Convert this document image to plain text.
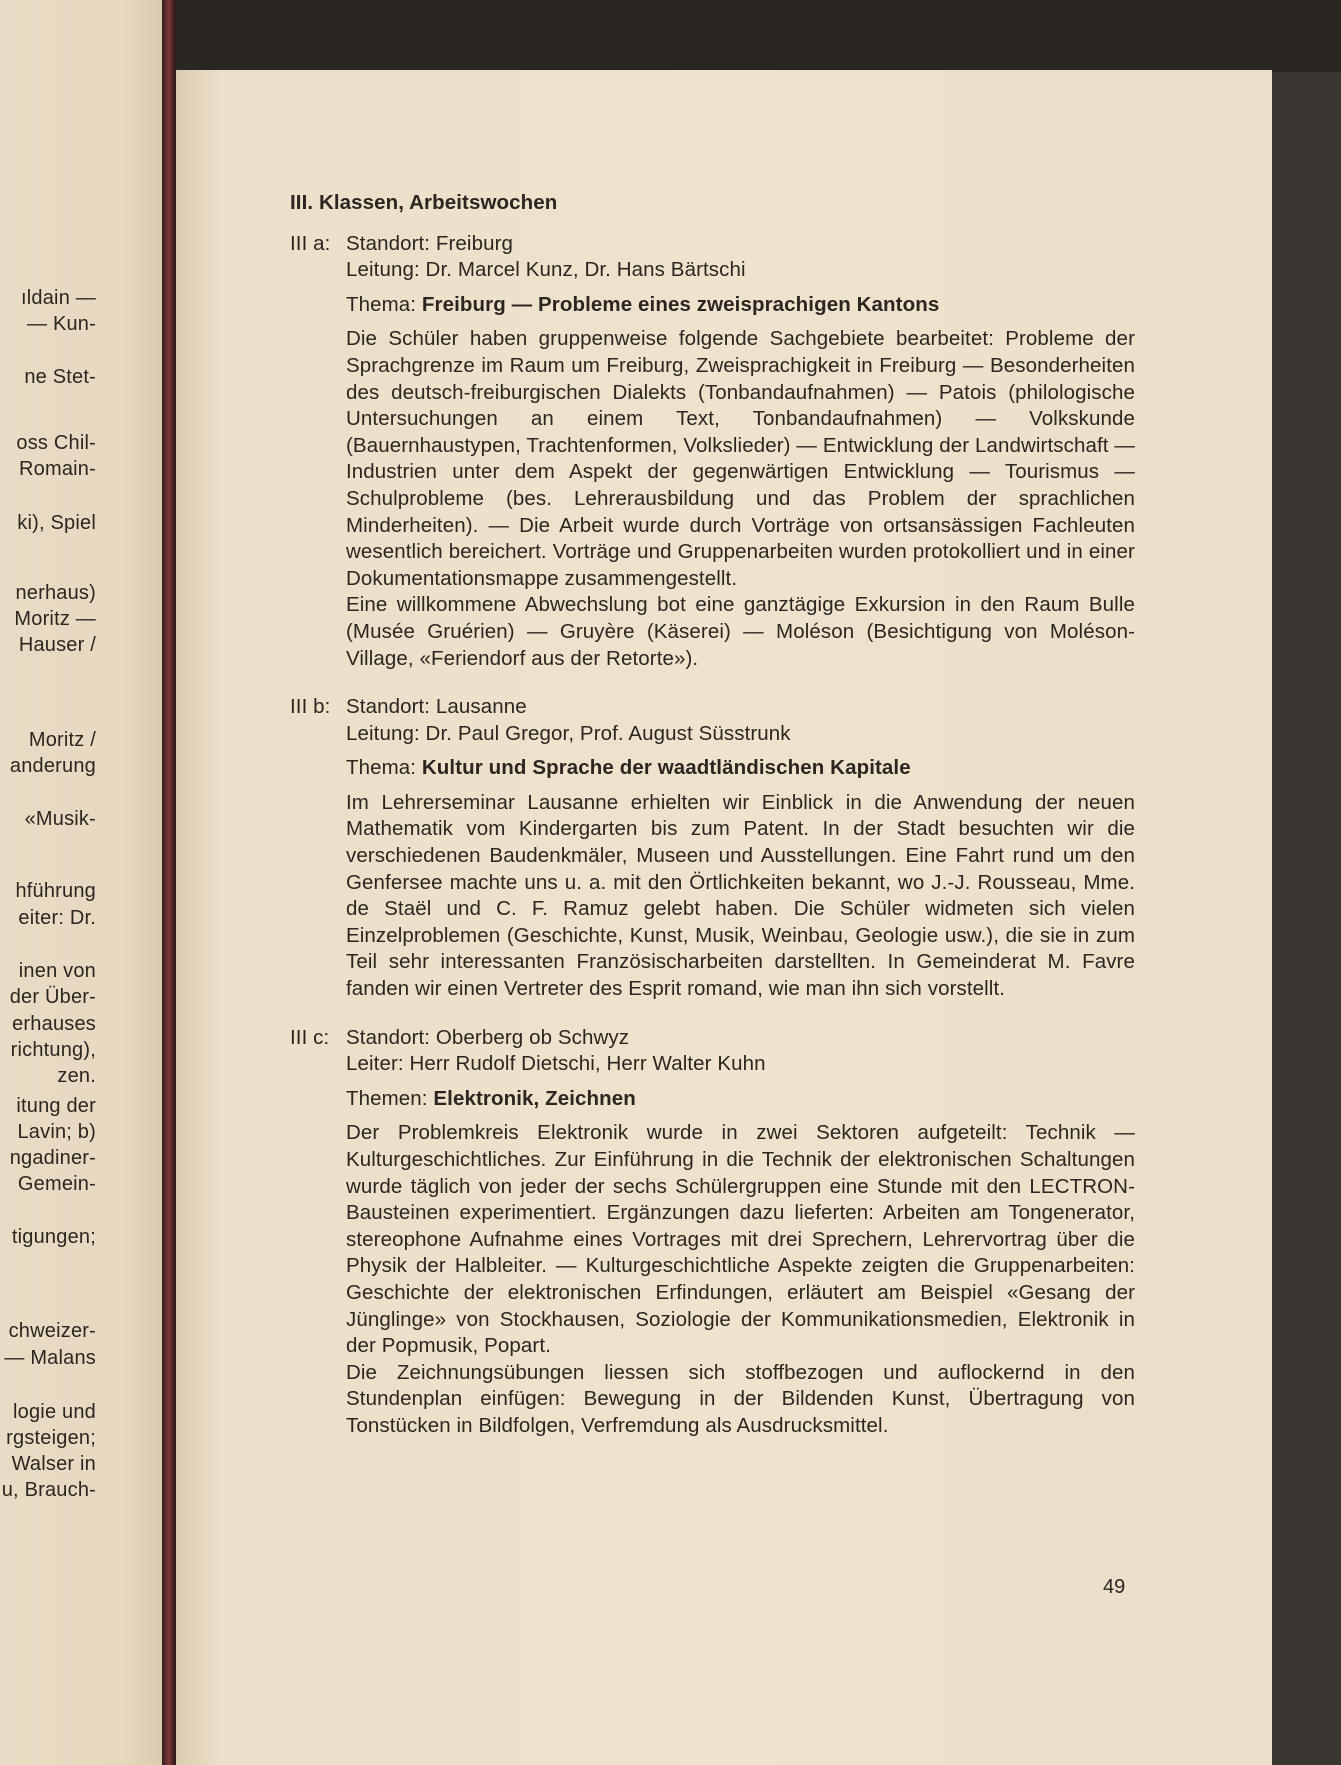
ıldain —
— Kun-
ne Stet-
oss Chil-
Romain-
ki), Spiel
nerhaus)
Moritz —
Hauser /
Moritz /
anderung
«Musik-
hführung
eiter: Dr.
inen von
der Über-
erhauses
richtung),
zen.
itung der
Lavin; b)
ngadiner-
Gemein-
tigungen;
chweizer-
— Malans
logie und
rgsteigen;
Walser in
u, Brauch-
III. Klassen, Arbeitswochen
III a: Standort: Freiburg
Leitung: Dr. Marcel Kunz, Dr. Hans Bärtschi
Thema: Freiburg — Probleme eines zweisprachigen Kantons
Die Schüler haben gruppenweise folgende Sachgebiete bearbeitet: Probleme der Sprachgrenze im Raum um Freiburg, Zweisprachigkeit in Freiburg — Besonderheiten des deutsch-freiburgischen Dialekts (Tonbandaufnahmen) — Patois (philologische Untersuchungen an einem Text, Tonbandaufnahmen) — Volkskunde (Bauernhaustypen, Trachtenformen, Volkslieder) — Entwicklung der Landwirtschaft — Industrien unter dem Aspekt der gegenwärtigen Entwicklung — Tourismus — Schulprobleme (bes. Lehrerausbildung und das Problem der sprachlichen Minderheiten). — Die Arbeit wurde durch Vorträge von ortsansässigen Fachleuten wesentlich bereichert. Vorträge und Gruppenarbeiten wurden protokolliert und in einer Dokumentationsmappe zusammengestellt.
Eine willkommene Abwechslung bot eine ganztägige Exkursion in den Raum Bulle (Musée Gruérien) — Gruyère (Käserei) — Moléson (Besichtigung von Moléson-Village, «Feriendorf aus der Retorte»).
III b: Standort: Lausanne
Leitung: Dr. Paul Gregor, Prof. August Süsstrunk
Thema: Kultur und Sprache der waadtländischen Kapitale
Im Lehrerseminar Lausanne erhielten wir Einblick in die Anwendung der neuen Mathematik vom Kindergarten bis zum Patent. In der Stadt besuchten wir die verschiedenen Baudenkmäler, Museen und Ausstellungen. Eine Fahrt rund um den Genfersee machte uns u. a. mit den Örtlichkeiten bekannt, wo J.-J. Rousseau, Mme. de Staël und C. F. Ramuz gelebt haben. Die Schüler widmeten sich vielen Einzelproblemen (Geschichte, Kunst, Musik, Weinbau, Geologie usw.), die sie in zum Teil sehr interessanten Französischarbeiten darstellten. In Gemeinderat M. Favre fanden wir einen Vertreter des Esprit romand, wie man ihn sich vorstellt.
III c: Standort: Oberberg ob Schwyz
Leiter: Herr Rudolf Dietschi, Herr Walter Kuhn
Themen: Elektronik, Zeichnen
Der Problemkreis Elektronik wurde in zwei Sektoren aufgeteilt: Technik — Kulturgeschichtliches. Zur Einführung in die Technik der elektronischen Schaltungen wurde täglich von jeder der sechs Schülergruppen eine Stunde mit den LECTRON-Bausteinen experimentiert. Ergänzungen dazu lieferten: Arbeiten am Tongenerator, stereophone Aufnahme eines Vortrages mit drei Sprechern, Lehrervortrag über die Physik der Halbleiter. — Kulturgeschichtliche Aspekte zeigten die Gruppenarbeiten: Geschichte der elektronischen Erfindungen, erläutert am Beispiel «Gesang der Jünglinge» von Stockhausen, Soziologie der Kommunikationsmedien, Elektronik in der Popmusik, Popart.
Die Zeichnungsübungen liessen sich stoffbezogen und auflockernd in den Stundenplan einfügen: Bewegung in der Bildenden Kunst, Übertragung von Tonstücken in Bildfolgen, Verfremdung als Ausdrucksmittel.
49
